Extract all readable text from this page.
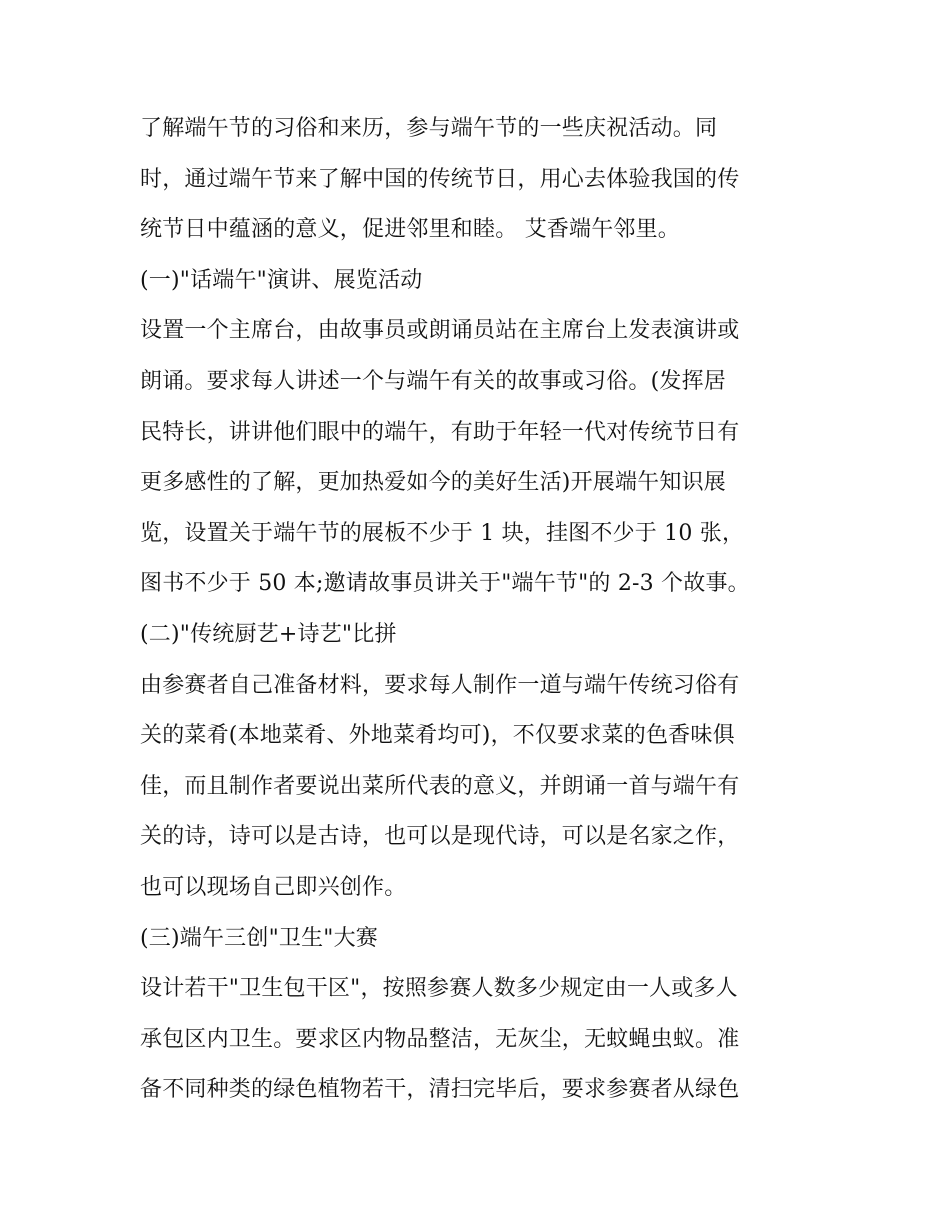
了解端午节的习俗和来历，参与端午节的一些庆祝活动。同
时，通过端午节来了解中国的传统节日，用心去体验我国的传
统节日中蕴涵的意义，促进邻里和睦。 艾香端午邻里。
(一)"话端午"演讲、展览活动
设置一个主席台，由故事员或朗诵员站在主席台上发表演讲或
朗诵。要求每人讲述一个与端午有关的故事或习俗。(发挥居
民特长，讲讲他们眼中的端午，有助于年轻一代对传统节日有
更多感性的了解，更加热爱如今的美好生活)开展端午知识展
览，设置关于端午节的展板不少于 1 块，挂图不少于 10 张，
图书不少于 50 本;邀请故事员讲关于"端午节"的 2-3 个故事。
(二)"传统厨艺+诗艺"比拼
由参赛者自己准备材料，要求每人制作一道与端午传统习俗有
关的菜肴(本地菜肴、外地菜肴均可)，不仅要求菜的色香味俱
佳，而且制作者要说出菜所代表的意义，并朗诵一首与端午有
关的诗，诗可以是古诗，也可以是现代诗，可以是名家之作，
也可以现场自己即兴创作。
(三)端午三创"卫生"大赛
设计若干"卫生包干区"，按照参赛人数多少规定由一人或多人
承包区内卫生。要求区内物品整洁，无灰尘，无蚊蝇虫蚁。准
备不同种类的绿色植物若干，清扫完毕后，要求参赛者从绿色
